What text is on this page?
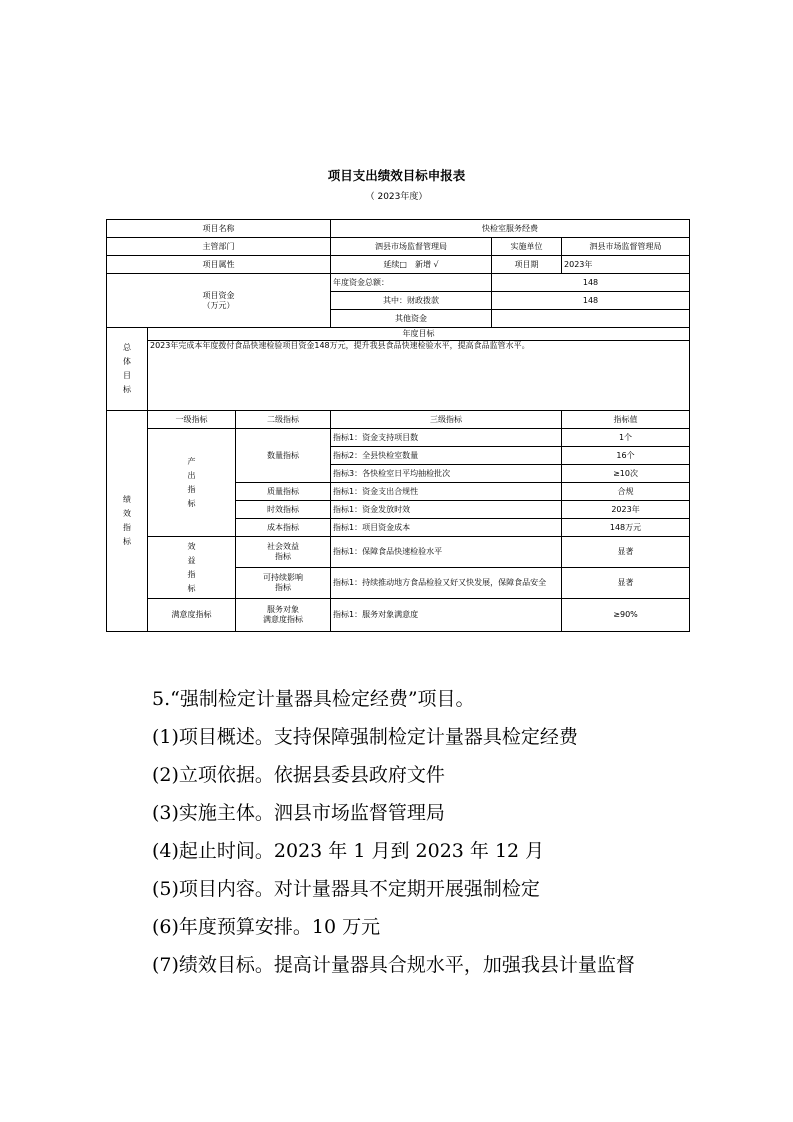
项目支出绩效目标申报表
（ 2023年度）
项目名称			快检室服务经费		
主管部门			泗县市场监督管理局	实施单位	泗县市场监督管理局
项目属性			延续□　新增 √	项目期	2023年

项目资金
（万元）			年度资金总额：	148	
			其中：财政拨款	148	
			其他资金		
总
体
目
标	年度目标				
	2023年完成本年度拨付食品快速检验项目资金148万元，提升我县食品快速检验水平，提高食品监管水平。				
绩
效
指
标	一级指标	二级指标	三级指标		指标值
	产
出
指
标	数量指标	指标1：资金支持项目数		1个
			指标2：全县快检室数量		16个
			指标3：各快检室日平均抽检批次		≥10次
		质量指标	指标1：资金支出合规性		合规
		时效指标	指标1：资金发放时效		2023年
		成本指标	指标1：项目资金成本		148万元
	效
益
指
标	社会效益
指标	指标1：保障食品快速检验水平		显著
		可持续影响
指标	指标1：持续推动地方食品检验又好又快发展，保障食品安全		显著
	满意度指标	服务对象
满意度指标	指标1：服务对象满意度		≥90%

5.“强制检定计量器具检定经费”项目。

(1)项目概述。支持保障强制检定计量器具检定经费

(2)立项依据。依据县委县政府文件

(3)实施主体。泗县市场监督管理局

(4)起止时间。2023 年 1 月到 2023 年 12 月

(5)项目内容。对计量器具不定期开展强制检定

(6)年度预算安排。10 万元

(7)绩效目标。提高计量器具合规水平，加强我县计量监督
